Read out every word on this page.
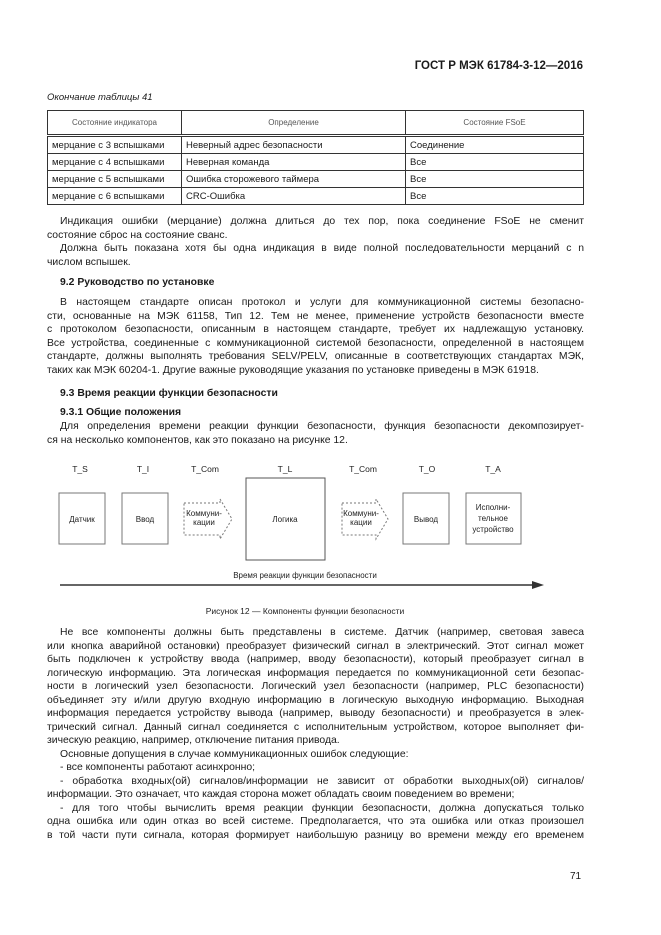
ГОСТ Р МЭК 61784-3-12—2016
Окончание таблицы 41
Состояние индикатора	Определение	Состояние FSoE
мерцание с 3 вспышками	Неверный адрес безопасности	Соединение
мерцание с 4 вспышками	Неверная команда	Все
мерцание с 5 вспышками	Ошибка сторожевого таймера	Все
мерцание с 6 вспышками	CRC-Ошибка	Все
Индикация ошибки (мерцание) должна длиться до тех пор, пока соединение FSoE не сменит
состояние сброс на состояние сванс.
Должна быть показана хотя бы одна индикация в виде полной последовательности мерцаний с n
числом вспышек.
9.2 Руководство по установке
В настоящем стандарте описан протокол и услуги для коммуникационной системы безопасно-
сти, основанные на МЭК 61158, Тип 12. Тем не менее, применение устройств безопасности вместе
с протоколом безопасности, описанным в настоящем стандарте, требует их надлежащую установку.
Все устройства, соединенные с коммуникационной системой безопасности, определенной в настоящем
стандарте, должны выполнять требования SELV/PELV, описанные в соответствующих стандартах МЭК,
таких как МЭК 60204-1. Другие важные руководящие указания по установке приведены в МЭК 61918.
9.3 Время реакции функции безопасности
9.3.1 Общие положения
Для определения времени реакции функции безопасности, функция безопасности декомпозирует-
ся на несколько компонентов, как это показано на рисунке 12.
T_S	T_I	T_Com	T_L	T_Com	T_O	T_A
Датчик	Ввод
Коммуни-
кации	Логика
Коммуни-
кации	Вывод
Исполни-
тельное
устройство
Время реакции функции безопасности
Рисунок 12 — Компоненты функции безопасности
Не все компоненты должны быть представлены в системе. Датчик (например, световая завеса
или кнопка аварийной остановки) преобразует физический сигнал в электрический. Этот сигнал может
быть подключен к устройству ввода (например, вводу безопасности), который преобразует сигнал в
логическую информацию. Эта логическая информация передается по коммуникационной сети безопас-
ности в логический узел безопасности. Логический узел безопасности (например, PLC безопасности)
объединяет эту и/или другую входную информацию в логическую выходную информацию. Выходная
информация передается устройству вывода (например, выводу безопасности) и преобразуется в элек-
трический сигнал. Данный сигнал соединяется с исполнительным устройством, которое выполняет фи-
зическую реакцию, например, отключение питания привода.
Основные допущения в случае коммуникационных ошибок следующие:
- все компоненты работают асинхронно;
- обработка входных(ой) сигналов/информации не зависит от обработки выходных(ой) сигналов/
информации. Это означает, что каждая сторона может обладать своим поведением во времени;
- для того чтобы вычислить время реакции функции безопасности, должна допускаться только
одна ошибка или один отказ во всей системе. Предполагается, что эта ошибка или отказ произошел
в той части пути сигнала, которая формирует наибольшую разницу во времени между его временем
71
